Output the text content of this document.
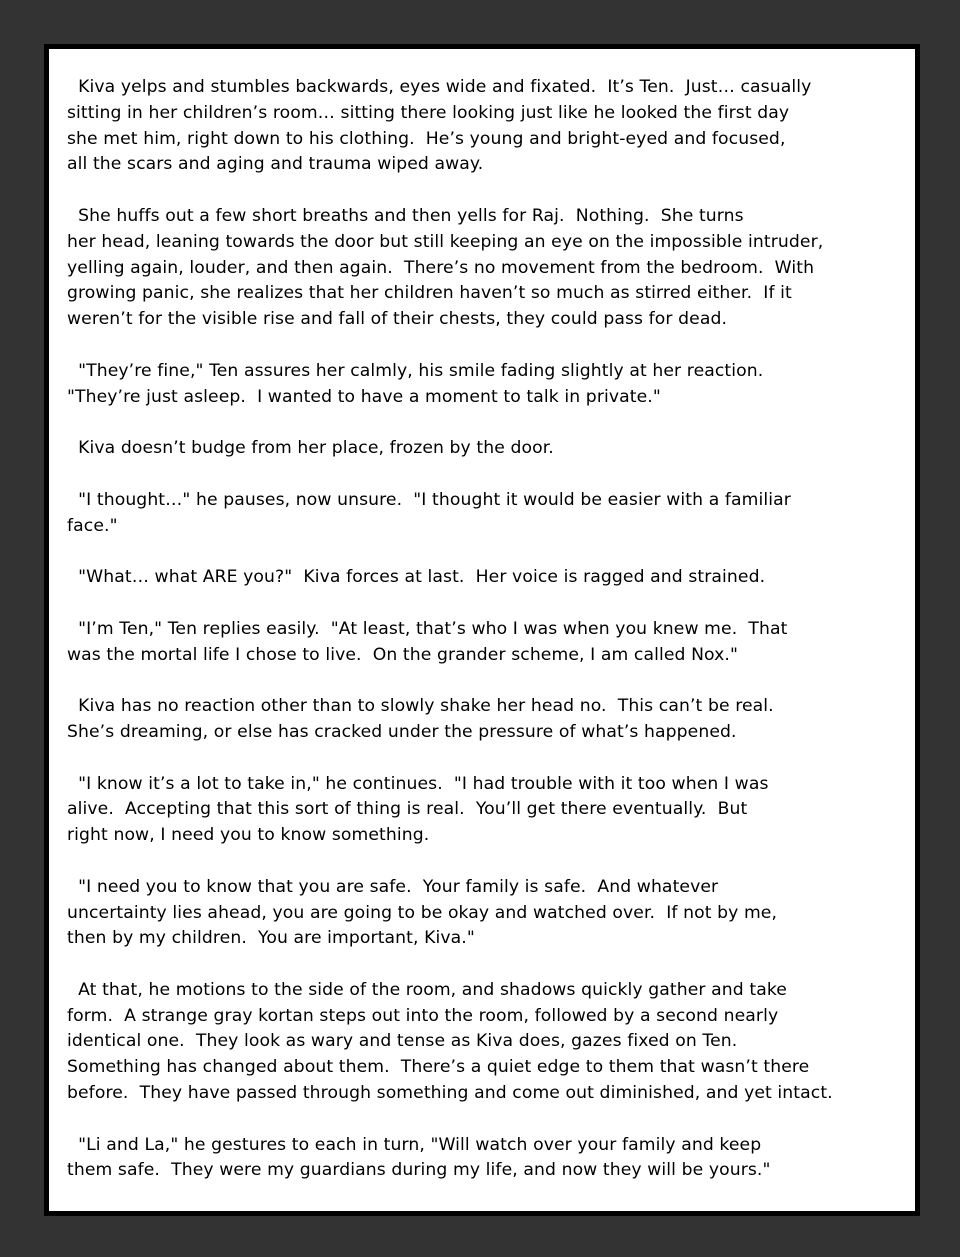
Kiva yelps and stumbles backwards, eyes wide and fixated.  It’s Ten.  Just… casually
sitting in her children’s room… sitting there looking just like he looked the first day
she met him, right down to his clothing.  He’s young and bright-eyed and focused,
all the scars and aging and trauma wiped away.

She huffs out a few short breaths and then yells for Raj.  Nothing.  She turns
her head, leaning towards the door but still keeping an eye on the impossible intruder,
yelling again, louder, and then again.  There’s no movement from the bedroom.  With
growing panic, she realizes that her children haven’t so much as stirred either.  If it
weren’t for the visible rise and fall of their chests, they could pass for dead.

"They’re fine," Ten assures her calmly, his smile fading slightly at her reaction.
"They’re just asleep.  I wanted to have a moment to talk in private."

Kiva doesn’t budge from her place, frozen by the door.

"I thought…" he pauses, now unsure.  "I thought it would be easier with a familiar
face."

"What… what ARE you?"  Kiva forces at last.  Her voice is ragged and strained.

"I’m Ten," Ten replies easily.  "At least, that’s who I was when you knew me.  That
was the mortal life I chose to live.  On the grander scheme, I am called Nox."

Kiva has no reaction other than to slowly shake her head no.  This can’t be real.
She’s dreaming, or else has cracked under the pressure of what’s happened.

"I know it’s a lot to take in," he continues.  "I had trouble with it too when I was
alive.  Accepting that this sort of thing is real.  You’ll get there eventually.  But
right now, I need you to know something.

"I need you to know that you are safe.  Your family is safe.  And whatever
uncertainty lies ahead, you are going to be okay and watched over.  If not by me,
then by my children.  You are important, Kiva."

At that, he motions to the side of the room, and shadows quickly gather and take
form.  A strange gray kortan steps out into the room, followed by a second nearly
identical one.  They look as wary and tense as Kiva does, gazes fixed on Ten.
Something has changed about them.  There’s a quiet edge to them that wasn’t there
before.  They have passed through something and come out diminished, and yet intact.

"Li and La," he gestures to each in turn, "Will watch over your family and keep
them safe.  They were my guardians during my life, and now they will be yours."
